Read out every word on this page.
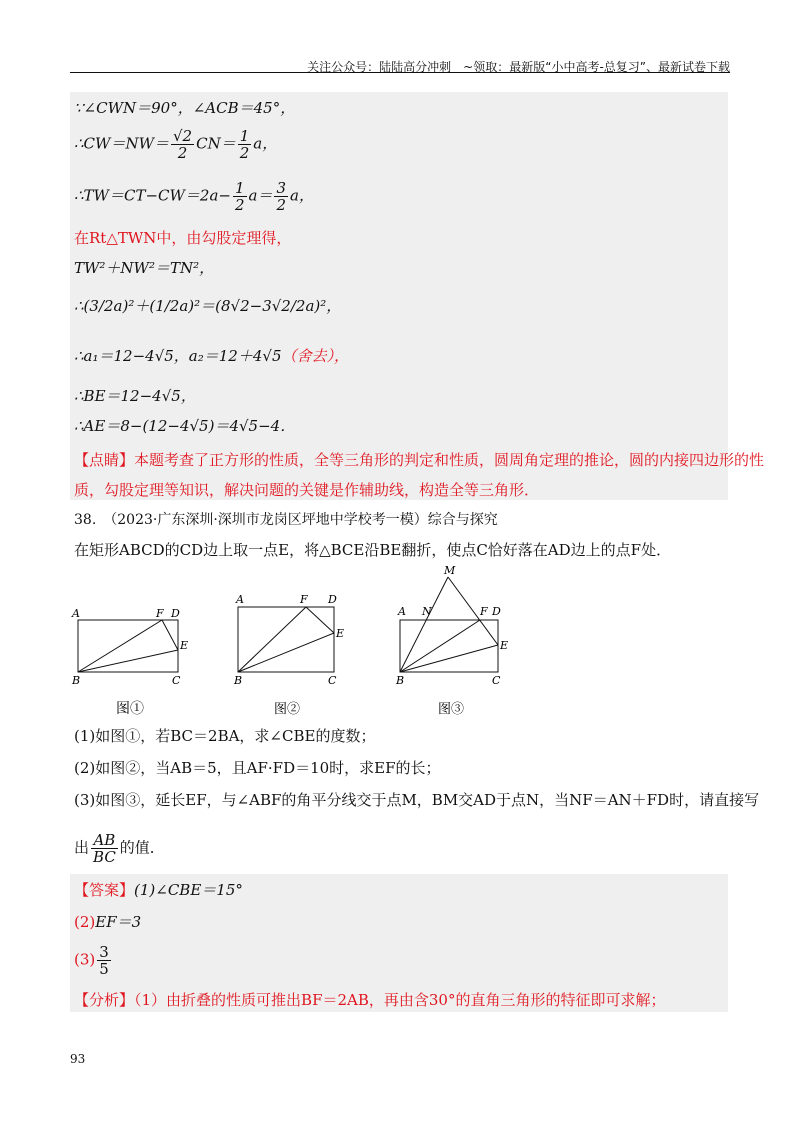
关注公众号：陆陆高分冲刺　~领取：最新版“小中高考-总复习”、最新试卷下载
∵∠CWN＝90°，∠ACB＝45°，
∴CW＝NW＝ $\frac{√2}{2} CN= \frac{1}{2}$ a，
∴TW＝CT−CW＝2a− $\frac{1}{2} a= \frac{3}{2}$ a，
在Rt△TWN中，由勾股定理得，
TW²＋NW²＝TN²，
∴(3/2a)²＋(1/2a)²＝(8√2−3√2/2a)²，
∴a₁＝12−4√5，a₂＝12＋4√5（舍去），
∴BE＝12−4√5，
∴AE＝8−(12−4√5)＝4√5−4．
【点睛】本题考查了正方形的性质，全等三角形的判定和性质，圆周角定理的推论，圆的内接四边形的性
质，勾股定理等知识，解决问题的关键是作辅助线，构造全等三角形．
38.　（2023·广东深圳·深圳市龙岗区坪地中学校考一模）综合与探究
在矩形ABCD的CD边上取一点E，将△BCE沿BE翻折，使点C恰好落在AD边上的点F处．
A	F D
E
B	C
图①
A	F D
E
B	C
图②
M
A N	F D
E
B	C
图③
(1)如图①，若BC＝2BA，求∠CBE的度数；
(2)如图②，当AB＝5，且AF·FD＝10时，求EF的长；
(3)如图③，延长EF，与∠ABF的角平分线交于点M，BM交AD于点N，当NF＝AN＋FD时，请直接写
出 $\frac{AB}{BC}$ 的值．
【答案】(1)∠CBE＝15°
(2)EF＝3
$(3) \frac{3}{5}$
【分析】（1）由折叠的性质可推出BF＝2AB，再由含30°的直角三角形的特征即可求解；
93
